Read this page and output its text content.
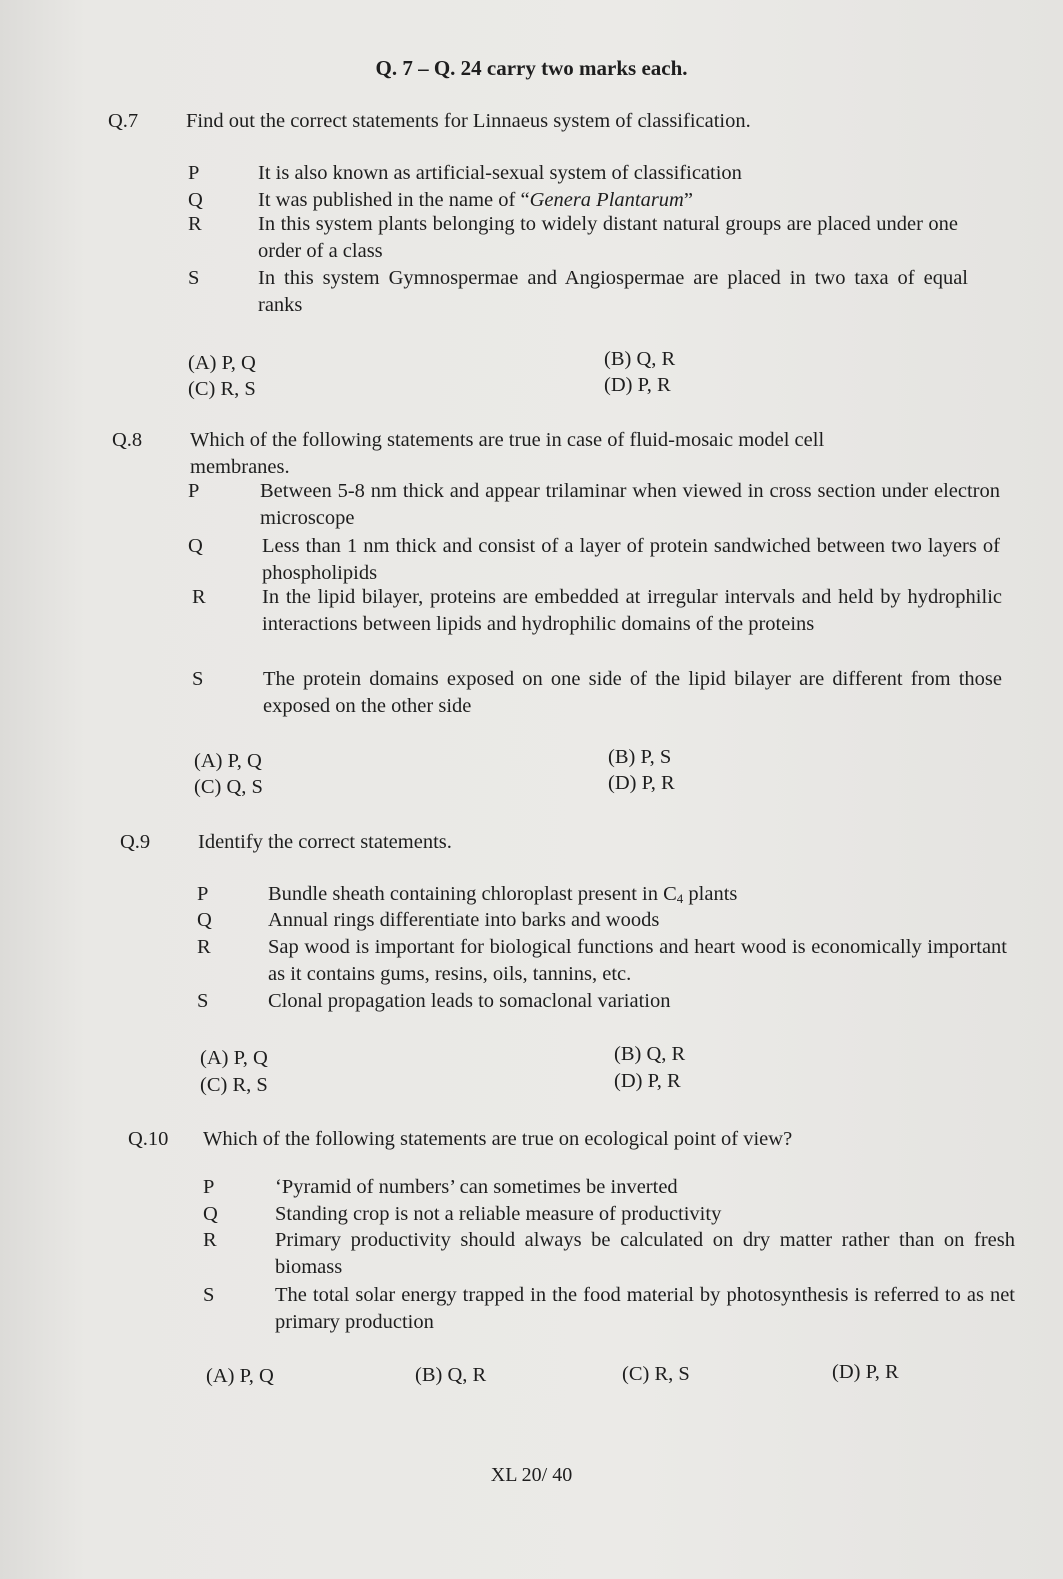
Q. 7 – Q. 24 carry two marks each.
Q.7 Find out the correct statements for Linnaeus system of classification.
P	It is also known as artificial-sexual system of classification
Q	It was published in the name of “Genera Plantarum”
R	In this system plants belonging to widely distant natural groups are placed under one order of a class
S	In this system Gymnospermae and Angiospermae are placed in two taxa of equal ranks
(A) P, Q	(B) Q, R
(C) R, S	(D) P, R
Q.8 Which of the following statements are true in case of fluid-mosaic model cell membranes.
P	Between 5-8 nm thick and appear trilaminar when viewed in cross section under electron microscope
Q	Less than 1 nm thick and consist of a layer of protein sandwiched between two layers of phospholipids
R	In the lipid bilayer, proteins are embedded at irregular intervals and held by hydrophilic interactions between lipids and hydrophilic domains of the proteins
S	The protein domains exposed on one side of the lipid bilayer are different from those exposed on the other side
(A) P, Q	(B) P, S
(C) Q, S	(D) P, R
Q.9 Identify the correct statements.
P	Bundle sheath containing chloroplast present in $C_4$ plants
Q	Annual rings differentiate into barks and woods
R	Sap wood is important for biological functions and heart wood is economically important as it contains gums, resins, oils, tannins, etc.
S	Clonal propagation leads to somaclonal variation
(A) P, Q	(B) Q, R
(C) R, S	(D) P, R
Q.10 Which of the following statements are true on ecological point of view?
P	‘Pyramid of numbers’ can sometimes be inverted
Q	Standing crop is not a reliable measure of productivity
R	Primary productivity should always be calculated on dry matter rather than on fresh biomass
S	The total solar energy trapped in the food material by photosynthesis is referred to as net primary production
(A) P, Q	(B) Q, R	(C) R, S	(D) P, R
XL 20/ 40
